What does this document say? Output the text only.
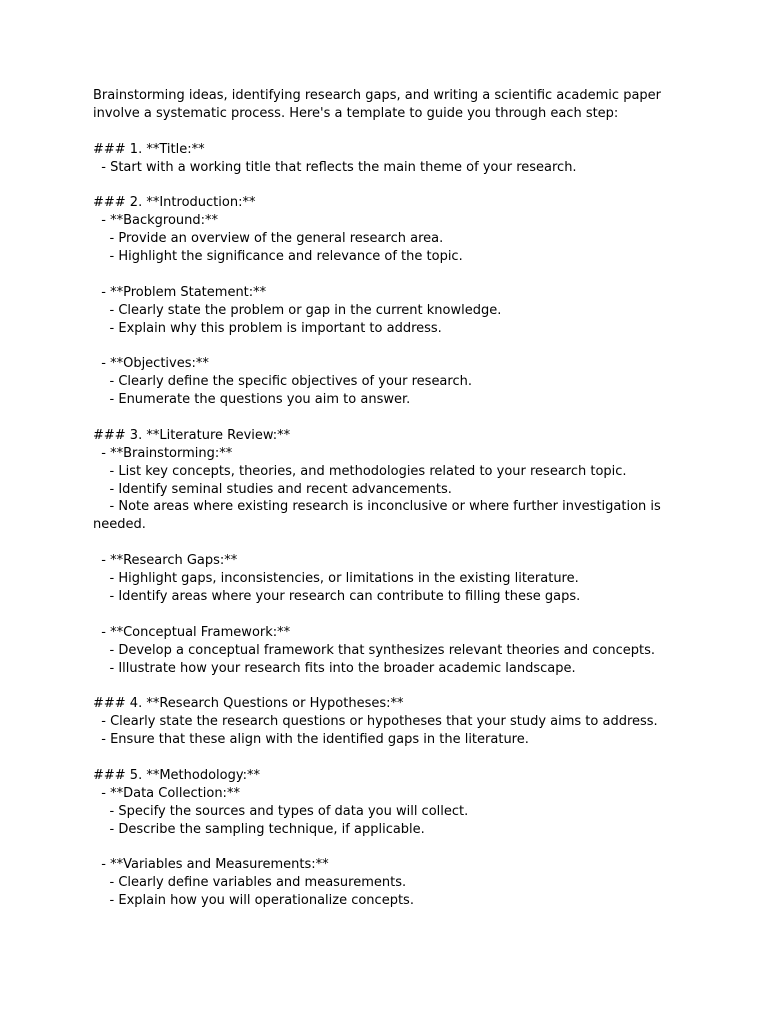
Brainstorming ideas, identifying research gaps, and writing a scientific academic paper
involve a systematic process. Here's a template to guide you through each step:
### 1. **Title:**
- Start with a working title that reflects the main theme of your research.
### 2. **Introduction:**
- **Background:**
- Provide an overview of the general research area.
- Highlight the significance and relevance of the topic.
- **Problem Statement:**
- Clearly state the problem or gap in the current knowledge.
- Explain why this problem is important to address.
- **Objectives:**
- Clearly define the specific objectives of your research.
- Enumerate the questions you aim to answer.
### 3. **Literature Review:**
- **Brainstorming:**
- List key concepts, theories, and methodologies related to your research topic.
- Identify seminal studies and recent advancements.
- Note areas where existing research is inconclusive or where further investigation is
needed.
- **Research Gaps:**
- Highlight gaps, inconsistencies, or limitations in the existing literature.
- Identify areas where your research can contribute to filling these gaps.
- **Conceptual Framework:**
- Develop a conceptual framework that synthesizes relevant theories and concepts.
- Illustrate how your research fits into the broader academic landscape.
### 4. **Research Questions or Hypotheses:**
- Clearly state the research questions or hypotheses that your study aims to address.
- Ensure that these align with the identified gaps in the literature.
### 5. **Methodology:**
- **Data Collection:**
- Specify the sources and types of data you will collect.
- Describe the sampling technique, if applicable.
- **Variables and Measurements:**
- Clearly define variables and measurements.
- Explain how you will operationalize concepts.
